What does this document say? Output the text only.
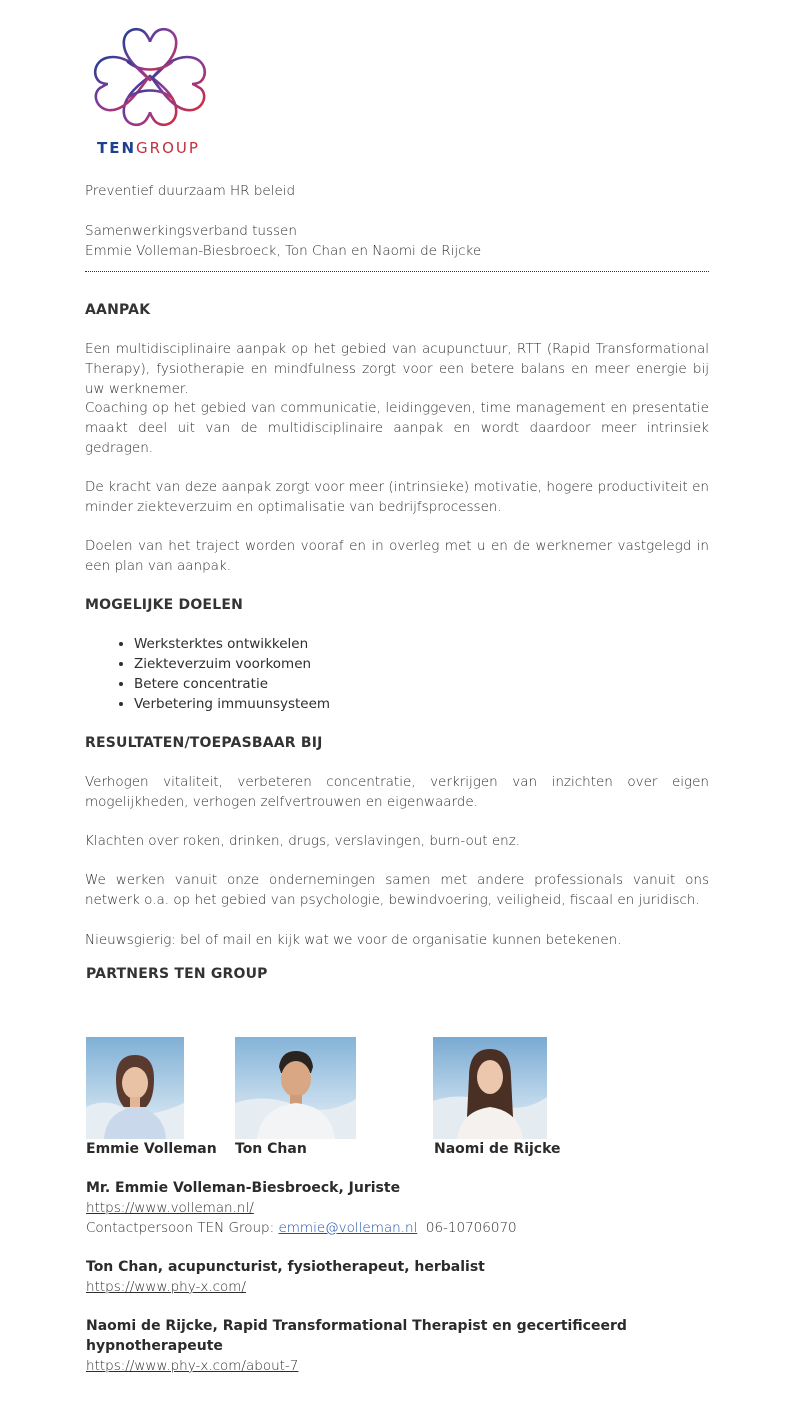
TENGROUP

Preventief duurzaam HR beleid

Samenwerkingsverband tussen

Emmie Volleman-Biesbroeck, Ton Chan en Naomi de Rijcke

AANPAK

Een multidisciplinaire aanpak op het gebied van acupunctuur, RTT (Rapid Transformational Therapy), fysiotherapie en mindfulness zorgt voor een betere balans en meer energie bij uw werknemer.

Coaching op het gebied van communicatie, leidinggeven, time management en presentatie maakt deel uit van de multidisciplinaire aanpak en wordt daardoor meer intrinsiek gedragen.

De kracht van deze aanpak zorgt voor meer (intrinsieke) motivatie, hogere productiviteit en minder ziekteverzuim en optimalisatie van bedrijfsprocessen.

Doelen van het traject worden vooraf en in overleg met u en de werknemer vastgelegd in een plan van aanpak.

MOGELIJKE DOELEN

• Werksterktes ontwikkelen
• Ziekteverzuim voorkomen
• Betere concentratie
• Verbetering immuunsysteem

RESULTATEN/TOEPASBAAR BIJ

Verhogen vitaliteit, verbeteren concentratie, verkrijgen van inzichten over eigen mogelijkheden, verhogen zelfvertrouwen en eigenwaarde.

Klachten over roken, drinken, drugs, verslavingen, burn-out enz.

We werken vanuit onze ondernemingen samen met andere professionals vanuit ons netwerk o.a. op het gebied van psychologie, bewindvoering, veiligheid, fiscaal en juridisch.

Nieuwsgierig: bel of mail en kijk wat we voor de organisatie kunnen betekenen.

PARTNERS TEN GROUP

Emmie Volleman Ton Chan	Naomi de Rijcke

Mr. Emmie Volleman-Biesbroeck, Juriste

https://www.volleman.nl/

Contactpersoon TEN Group: emmie@volleman.nl 06-10706070

Ton Chan, acupuncturist, fysiotherapeut, herbalist

https://www.phy-x.com/

Naomi de Rijcke, Rapid Transformational Therapist en gecertificeerd

hypnotherapeute

https://www.phy-x.com/about-7
